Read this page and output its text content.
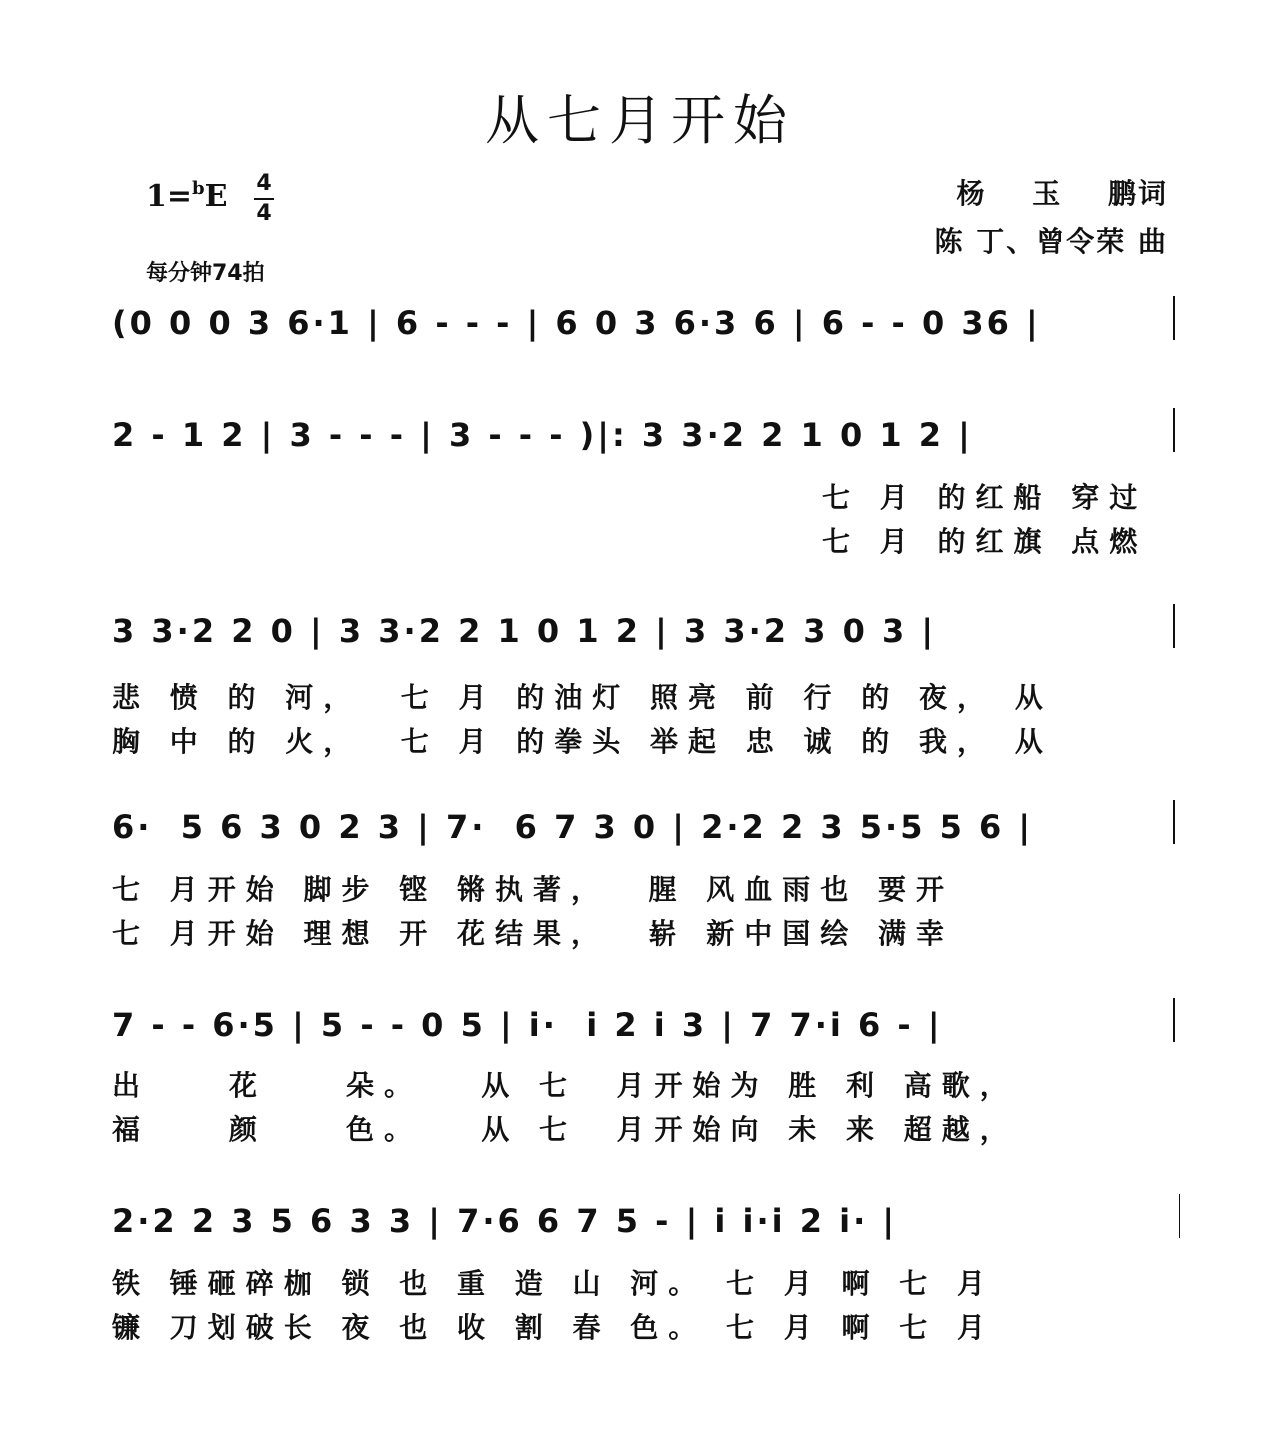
从七月开始
1=$^b$E 4
4
每分钟74拍
杨 玉 鹏词
陈 丁、曾令荣 曲
(0 0 0 3 6·1 | 6 - - - | 6 0 3 6·3 6 | 6 - - 0 36 |
2 - 1 2 | 3 - - - | 3 - - - )|: 3 3·2 2 1 0 1 2 |
七 月 的红船 穿过
七 月 的红旗 点燃
3 3·2 2 0 | 3 3·2 2 1 0 1 2 | 3 3·2 3 0 3 |
悲 愤 的 河，  七 月 的油灯 照亮 前 行 的 夜， 从
胸 中 的 火，  七 月 的拳头 举起 忠 诚 的 我， 从
6·  5 6 3 0 2 3 | 7·  6 7 3 0 | 2·2 2 3 5·5 5 6 |
七 月开始 脚步 铿 锵执著，  腥 风血雨也 要开
七 月开始 理想 开 花结果，  崭 新中国绘 满幸
7 - - 6·5 | 5 - - 0 5 | i·  i 2 i 3 | 7 7·i 6 - |
出    花    朵。   从 七  月开始为 胜 利 高歌，
福    颜    色。   从 七  月开始向 未 来 超越，
2·2 2 3 5 6 3 3 | 7·6 6 7 5 - | i i·i 2 i· |
铁 锤砸碎枷 锁 也 重 造 山 河。 七 月 啊 七 月
镰 刀划破长 夜 也 收 割 春 色。 七 月 啊 七 月
